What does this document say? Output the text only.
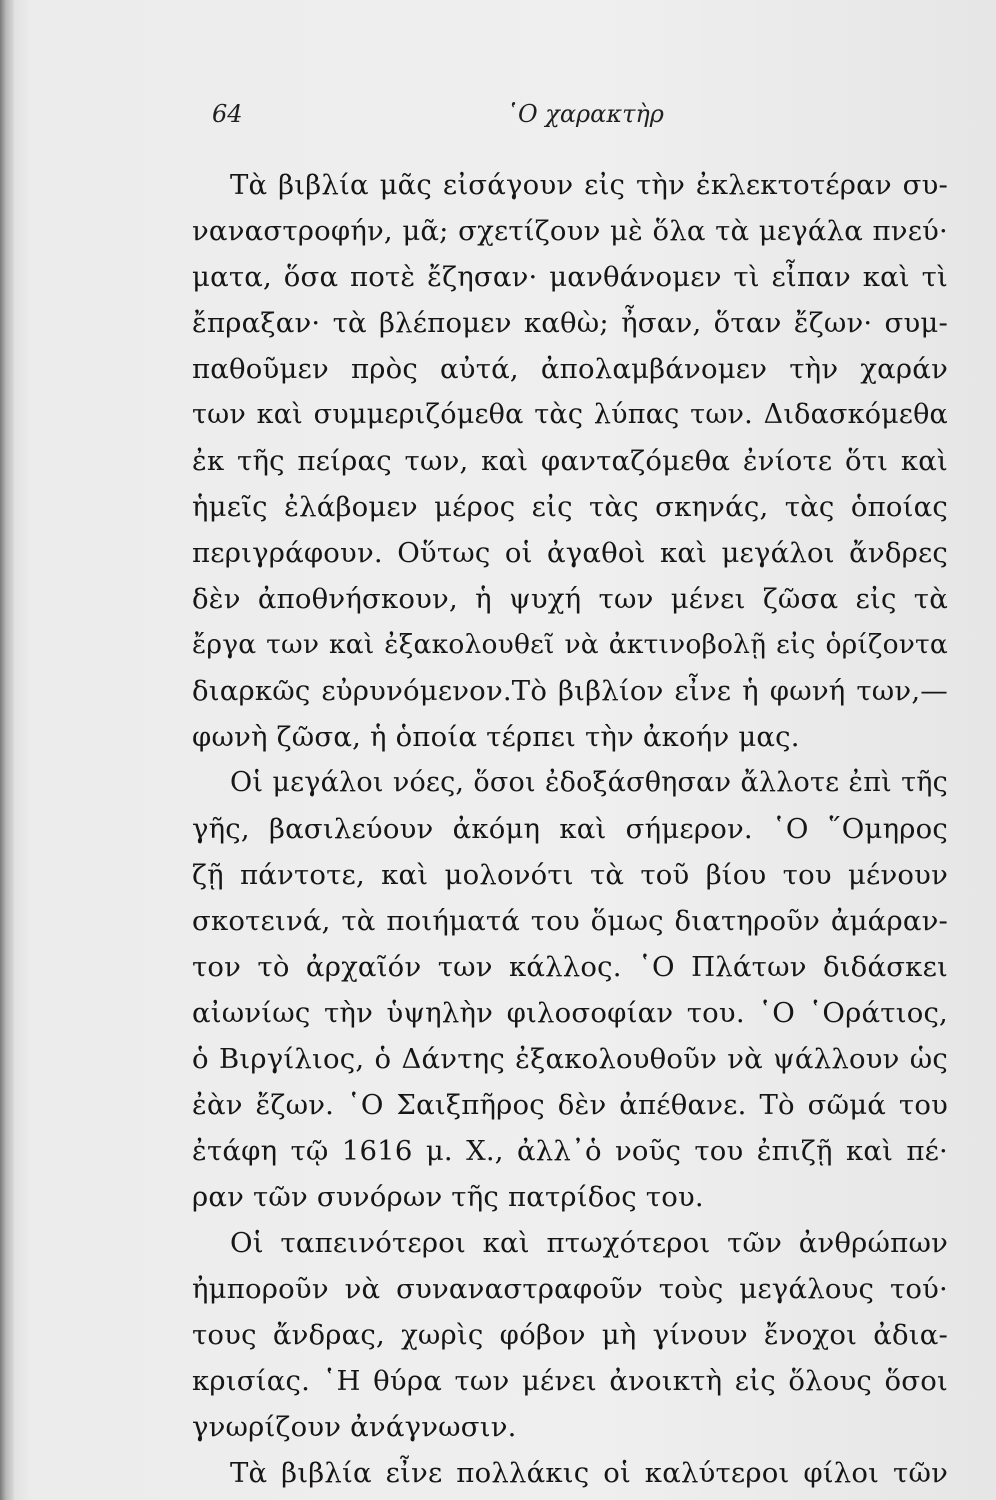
64	῾Ο χαρακτὴρ
Τὰ βιβλία μᾶς εἰσάγουν εἰς τὴν ἐκλεκτοτέραν συ-
ναναστροφήν, μᾶ; σχετίζουν μὲ ὅλα τὰ μεγάλα πνεύ·
ματα, ὅσα ποτὲ ἔζησαν· μανθάνομεν τὶ εἶπαν καὶ τὶ
ἔπραξαν· τὰ βλέπομεν καθὼ; ἦσαν, ὅταν ἔζων· συμ-
παθοῦμεν πρὸς αὐτά, ἀπολαμβάνομεν τὴν χαράν
των καὶ συμμεριζόμεθα τὰς λύπας των. Διδασκόμεθα
ἐκ τῆς πείρας των, καὶ φανταζόμεθα ἐνίοτε ὅτι καὶ
ἡμεῖς ἐλάβομεν μέρος εἰς τὰς σκηνάς, τὰς ὁποίας
περιγράφουν. Οὕτως οἱ ἀγαθοὶ καὶ μεγάλοι ἄνδρες
δὲν ἀποθνήσκουν, ἡ ψυχή των μένει ζῶσα εἰς τὰ
ἔργα των καὶ ἐξακολουθεῖ νὰ ἀκτινοβολῇ εἰς ὁρίζοντα
διαρκῶς εὐρυνόμενον.Τὸ βιβλίον εἶνε ἡ φωνή των,—
φωνὴ ζῶσα, ἡ ὁποία τέρπει τὴν ἀκοήν μας.
Οἱ μεγάλοι νόες, ὅσοι ἐδοξάσθησαν ἄλλοτε ἐπὶ τῆς
γῆς, βασιλεύουν ἀκόμη καὶ σήμερον. ῾Ο ῞Ομηρος
ζῇ πάντοτε, καὶ μολονότι τὰ τοῦ βίου του μένουν
σκοτεινά, τὰ ποιήματά του ὅμως διατηροῦν ἀμάραν-
τον τὸ ἀρχαῖόν των κάλλος. ῾Ο Πλάτων διδάσκει
αἰωνίως τὴν ὑψηλὴν φιλοσοφίαν του. ῾Ο ῾Οράτιος,
ὁ Βιργίλιος, ὁ Δάντης ἐξακολουθοῦν νὰ ψάλλουν ὡς
ἐὰν ἔζων. ῾Ο Σαιξπῆρος δὲν ἀπέθανε. Τὸ σῶμά του
ἐτάφη τῷ 1616 μ. Χ., ἀλλ᾿ὁ νοῦς του ἐπιζῇ καὶ πέ·
ραν τῶν συνόρων τῆς πατρίδος του.
Οἱ ταπεινότεροι καὶ πτωχότεροι τῶν ἀνθρώπων
ἠμποροῦν νὰ συναναστραφοῦν τοὺς μεγάλους τού·
τους ἄνδρας, χωρὶς φόβον μὴ γίνουν ἔνοχοι ἀδια-
κρισίας. ῾Η θύρα των μένει ἀνοικτὴ εἰς ὅλους ὅσοι
γνωρίζουν ἀνάγνωσιν.
Τὰ βιβλία εἶνε πολλάκις οἱ καλύτεροι φίλοι τῶν
